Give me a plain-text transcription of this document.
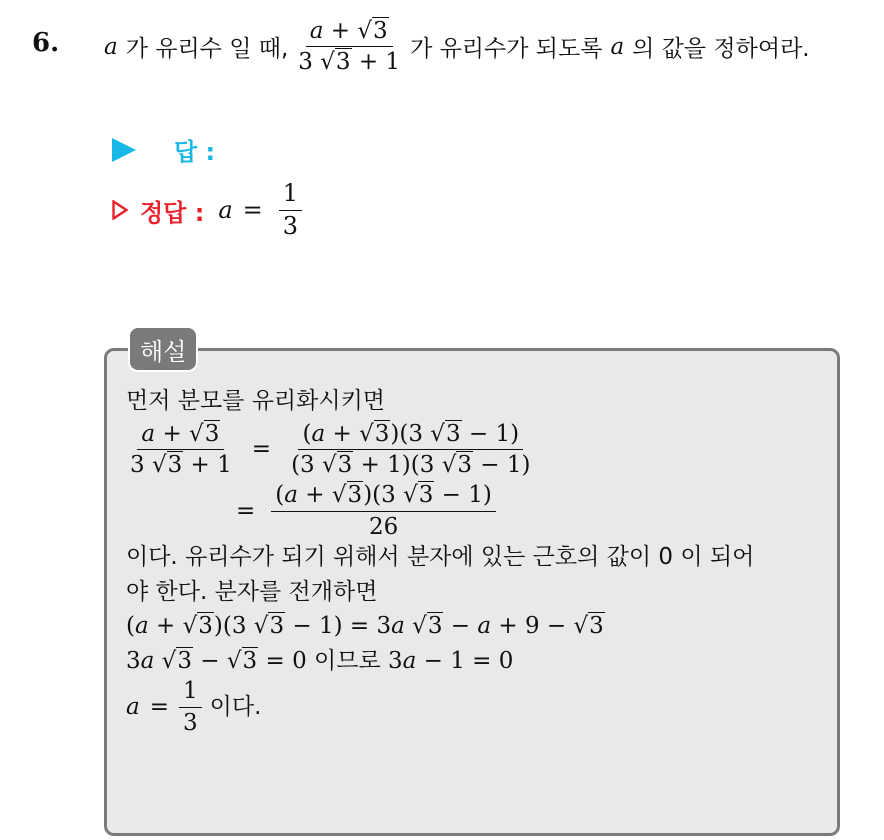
6. a 가 유리수 일 때, $\frac{a + √3}{3 √3 + 1}$ 가 유리수가 되도록 a 의 값을 정하여라.
답 :
정답 : $a = \frac{1}{3}$
해설
먼저 분모를 유리화시키면
$\frac{a + √3}{3 √3 + 1} = \frac{(a + √3)(3 √3 - 1)}{(3 √3 + 1)(3 √3 - 1)}$
= $\frac{(a + √3)(3 √3 - 1)}{26}$
이다. 유리수가 되기 위해서 분자에 있는 근호의 값이 0 이 되어
야 한다. 분자를 전개하면
(a + √3)(3 √3 − 1) = 3a √3 − a + 9 − √3
3a √3 − √3 = 0 이므로 3a − 1 = 0
$a = \frac{1}{3}$ 이다.
